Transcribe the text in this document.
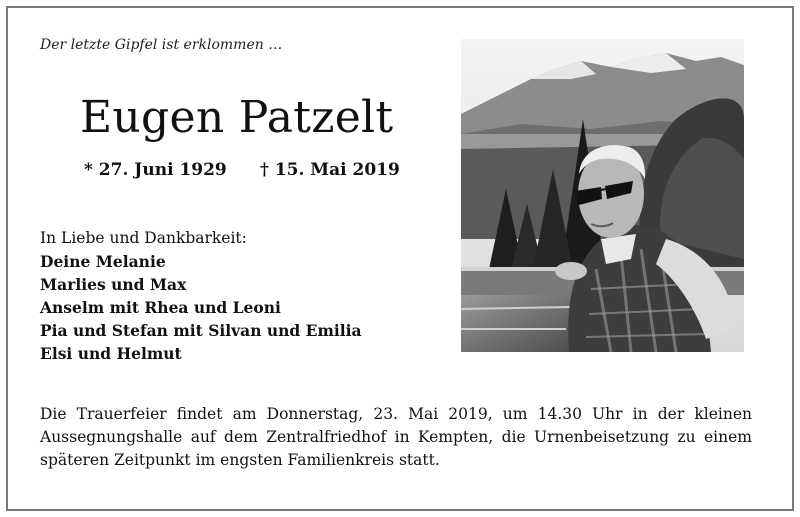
Der letzte Gipfel ist erklommen …
Eugen Patzelt
* 27. Juni 1929 † 15. Mai 2019
In Liebe und Dankbarkeit:
Deine Melanie
Marlies und Max
Anselm mit Rhea und Leoni
Pia und Stefan mit Silvan und Emilia
Elsi und Helmut
Die Trauerfeier findet am Donnerstag, 23. Mai 2019, um 14.30 Uhr in der kleinen Aussegnungshalle auf dem Zentralfriedhof in Kempten, die Urnenbeisetzung zu einem späteren Zeitpunkt im engsten Familienkreis statt.
